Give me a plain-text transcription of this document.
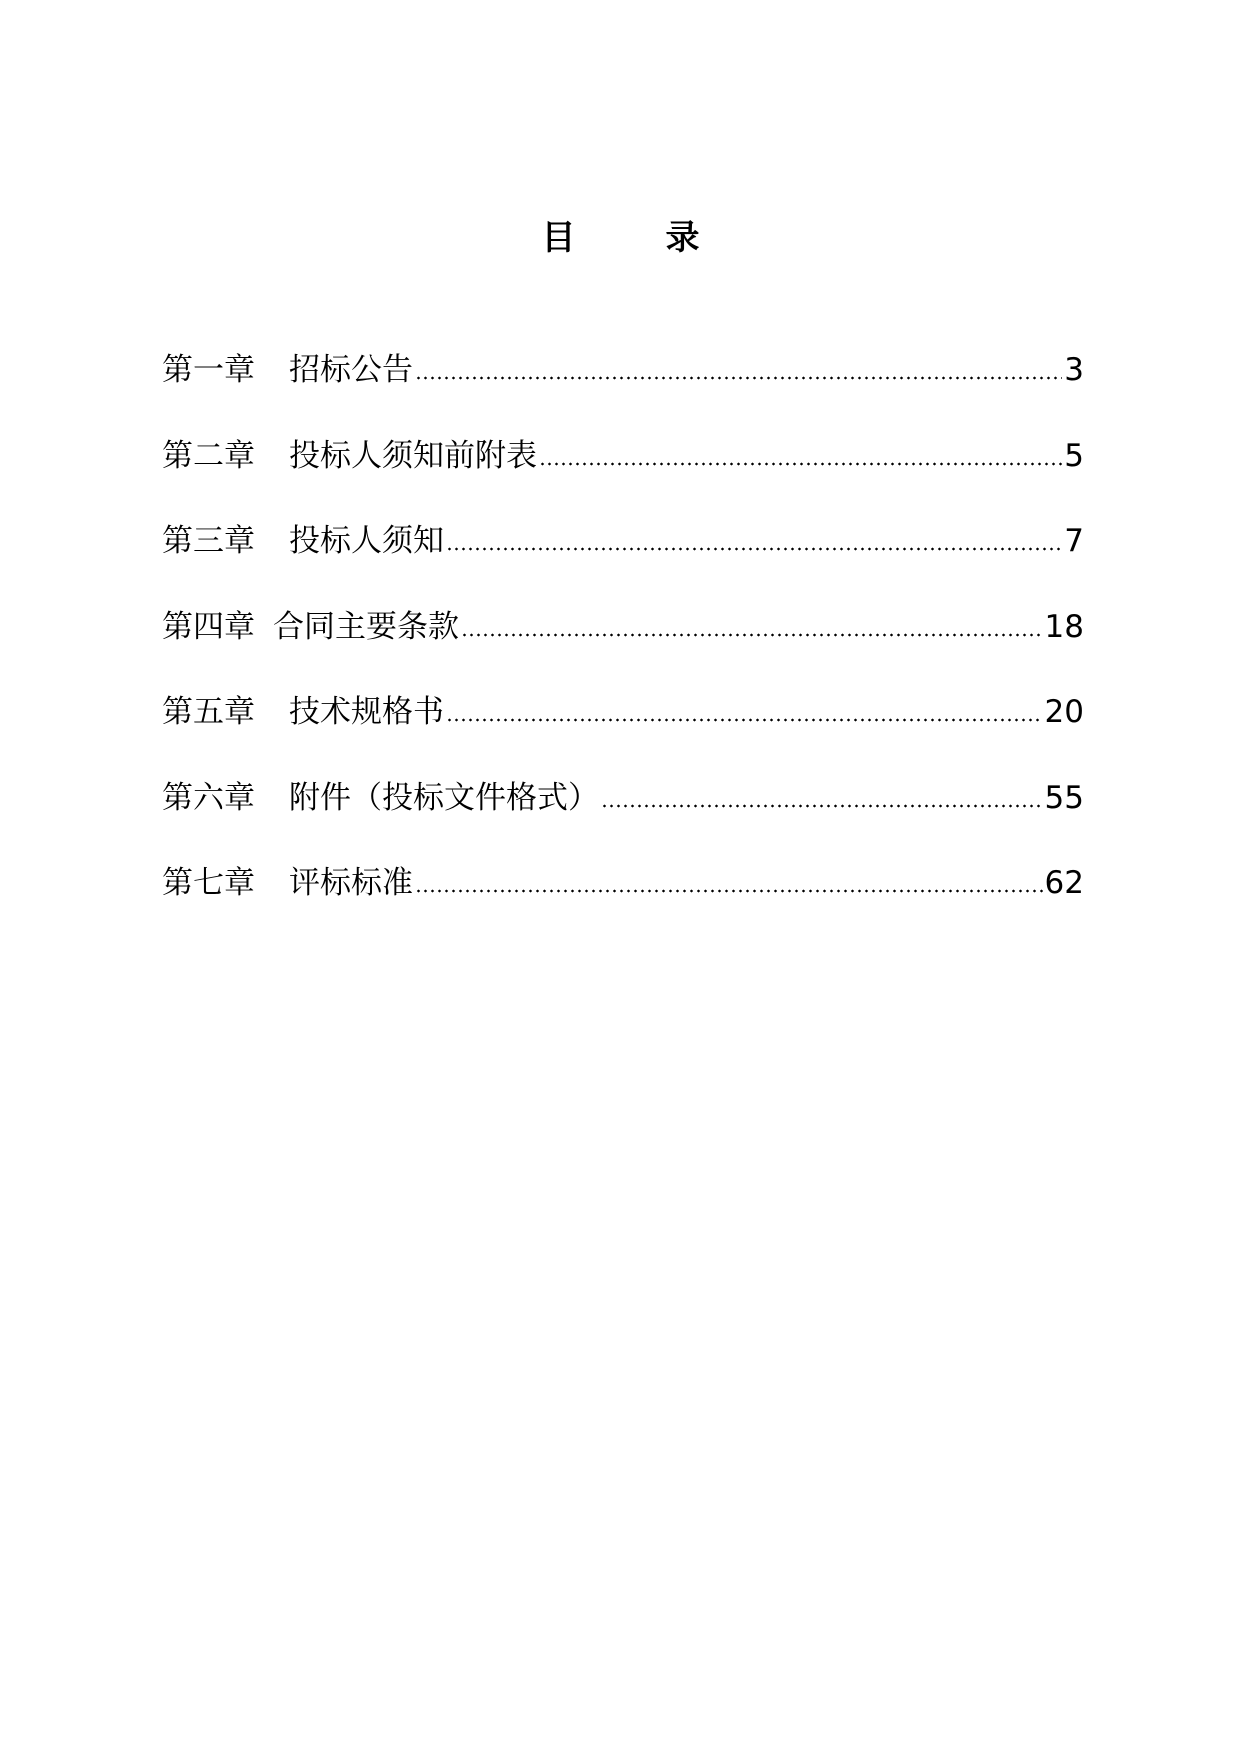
目　录
第一章 招标公告	3
第二章 投标人须知前附表	5
第三章 投标人须知	7
第四章 合同主要条款	18
第五章 技术规格书	20
第六章 附件（投标文件格式）	55
第七章 评标标准	62
